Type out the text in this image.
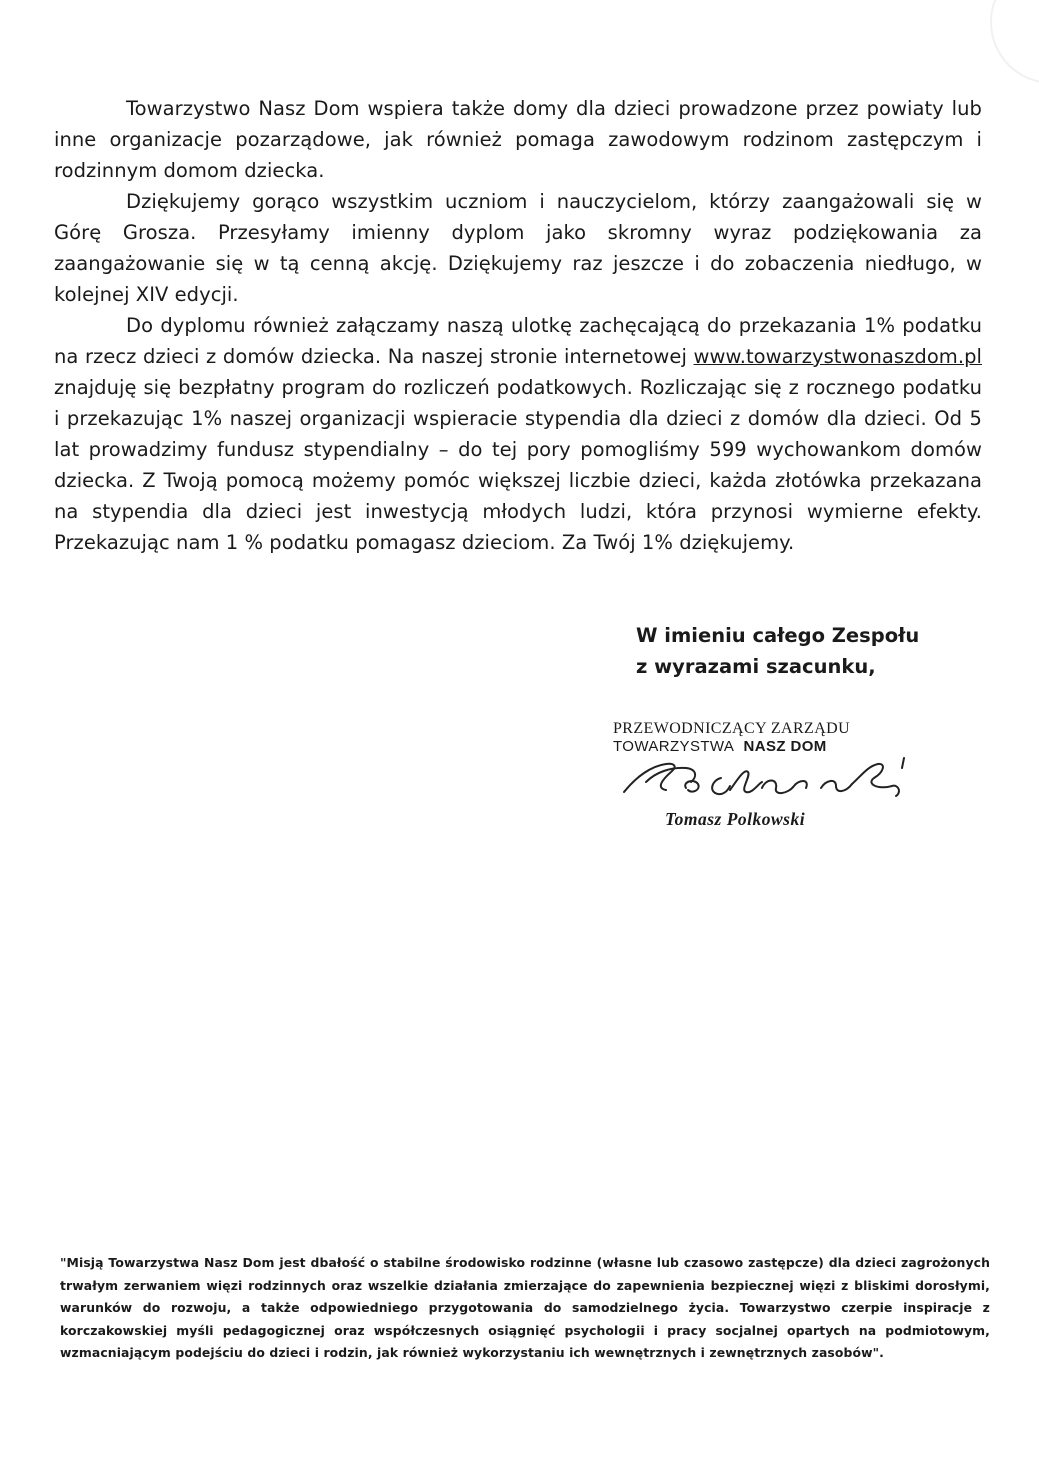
Towarzystwo Nasz Dom wspiera także domy dla dzieci prowadzone przez powiaty lub inne organizacje pozarządowe, jak również pomaga zawodowym rodzinom zastępczym i rodzinnym domom dziecka.

Dziękujemy gorąco wszystkim uczniom i nauczycielom, którzy zaangażowali się w Górę Grosza. Przesyłamy imienny dyplom jako skromny wyraz podziękowania za zaangażowanie się w tą cenną akcję. Dziękujemy raz jeszcze i do zobaczenia niedługo, w kolejnej XIV edycji.

Do dyplomu również załączamy naszą ulotkę zachęcającą do przekazania 1% podatku na rzecz dzieci z domów dziecka. Na naszej stronie internetowej www.towarzystwonaszdom.pl znajduję się bezpłatny program do rozliczeń podatkowych. Rozliczając się z rocznego podatku i przekazując 1% naszej organizacji wspieracie stypendia dla dzieci z domów dla dzieci. Od 5 lat prowadzimy fundusz stypendialny – do tej pory pomogliśmy 599 wychowankom domów dziecka. Z Twoją pomocą możemy pomóc większej liczbie dzieci, każda złotówka przekazana na stypendia dla dzieci jest inwestycją młodych ludzi, która przynosi wymierne efekty. Przekazując nam 1 % podatku pomagasz dzieciom. Za Twój 1% dziękujemy.

W imieniu całego Zespołu
z wyrazami szacunku,
PRZEWODNICZĄCY ZARZĄDU
TOWARZYSTWA NASZ DOM
Tomasz Polkowski
"Misją Towarzystwa Nasz Dom jest dbałość o stabilne środowisko rodzinne (własne lub czasowo zastępcze) dla dzieci zagrożonych trwałym zerwaniem więzi rodzinnych oraz wszelkie działania zmierzające do zapewnienia bezpiecznej więzi z bliskimi dorosłymi, warunków do rozwoju, a także odpowiedniego przygotowania do samodzielnego życia. Towarzystwo czerpie inspiracje z korczakowskiej myśli pedagogicznej oraz współczesnych osiągnięć psychologii i pracy socjalnej opartych na podmiotowym, wzmacniającym podejściu do dzieci i rodzin, jak również wykorzystaniu ich wewnętrznych i zewnętrznych zasobów".
